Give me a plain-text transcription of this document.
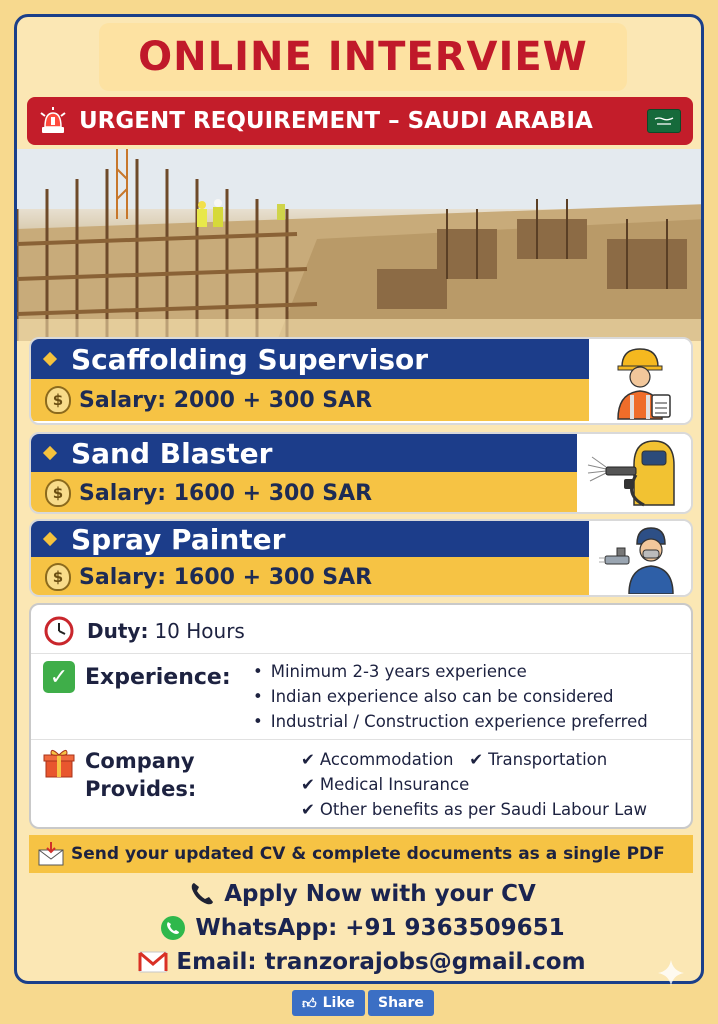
ONLINE INTERVIEW
URGENT REQUIREMENT – SAUDI ARABIA
Scaffolding Supervisor
$ Salary: 2000 + 300 SAR
Sand Blaster
$ Salary: 1600 + 300 SAR
Spray Painter
$ Salary: 1600 + 300 SAR
Duty: 10 Hours
✓ Experience:	• Minimum 2-3 years experience
• Indian experience also can be considered
• Industrial / Construction experience preferred
Company
Provides:
✔ Accommodation ✔ Transportation
✔ Medical Insurance
✔ Other benefits as per Saudi Labour Law
Send your updated CV & complete documents as a single PDF
Apply Now with your CV
WhatsApp: +91 9363509651
Email: tranzorajobs@gmail.com
👍︎ Like Share
